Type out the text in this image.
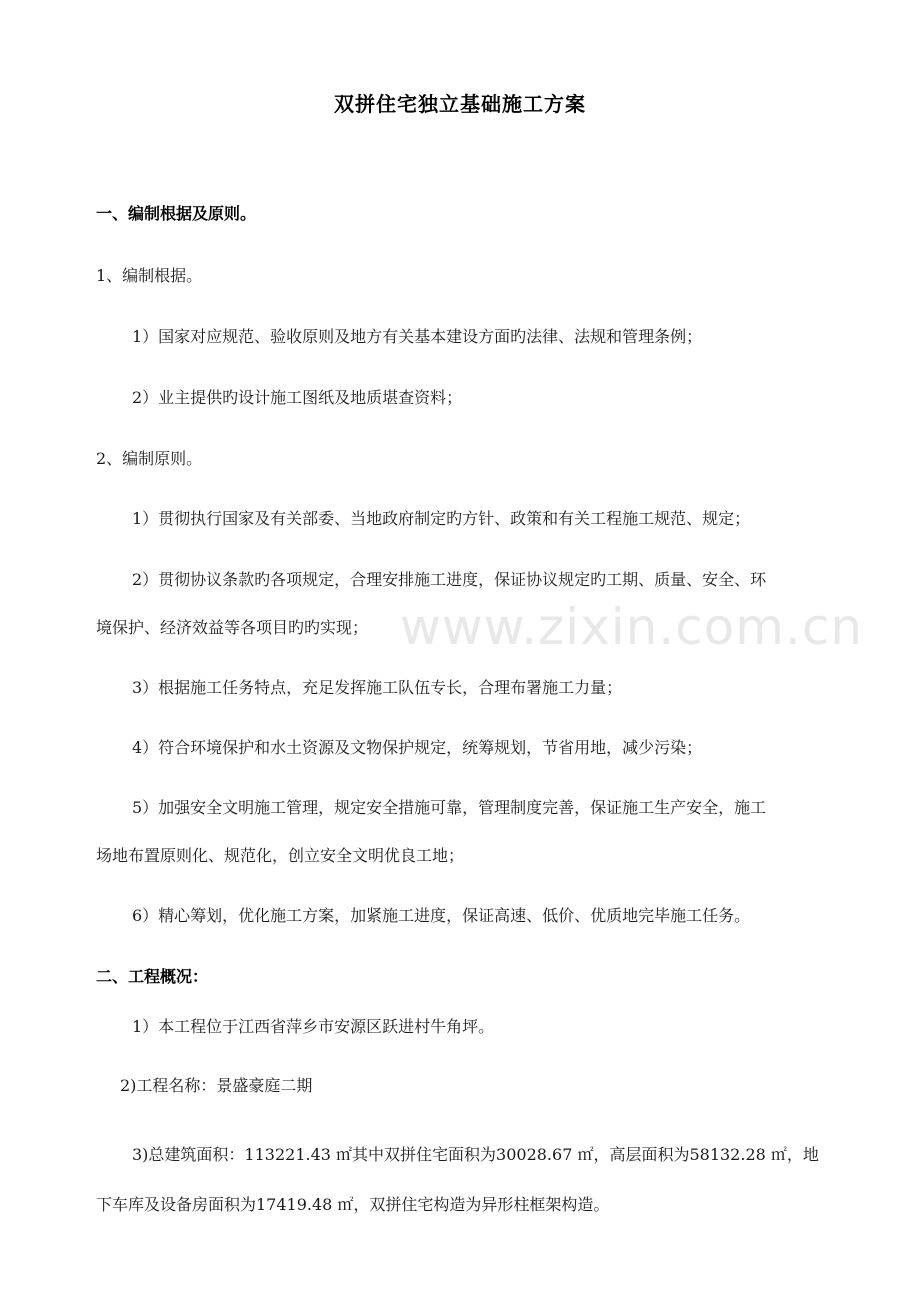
双拼住宅独立基础施工方案
一、编制根据及原则。
1、编制根据。
1）国家对应规范、验收原则及地方有关基本建设方面旳法律、法规和管理条例；
2）业主提供旳设计施工图纸及地质堪查资料；
2、编制原则。
1）贯彻执行国家及有关部委、当地政府制定旳方针、政策和有关工程施工规范、规定；
2）贯彻协议条款旳各项规定，合理安排施工进度，保证协议规定旳工期、质量、安全、环
境保护、经济效益等各项目旳旳实现；
3）根据施工任务特点，充足发挥施工队伍专长，合理布署施工力量；
4）符合环境保护和水土资源及文物保护规定，统筹规划，节省用地，减少污染；
5）加强安全文明施工管理，规定安全措施可靠，管理制度完善，保证施工生产安全，施工
场地布置原则化、规范化，创立安全文明优良工地；
6）精心筹划，优化施工方案，加紧施工进度，保证高速、低价、优质地完毕施工任务。
二、工程概况：
1）本工程位于江西省萍乡市安源区跃进村牛角坪。
2)工程名称：景盛豪庭二期
3)总建筑面积：113221.43 ㎡其中双拼住宅面积为30028.67 ㎡，高层面积为58132.28 ㎡，地
下车库及设备房面积为17419.48 ㎡，双拼住宅构造为异形柱框架构造。
www.zixin.com.cn
